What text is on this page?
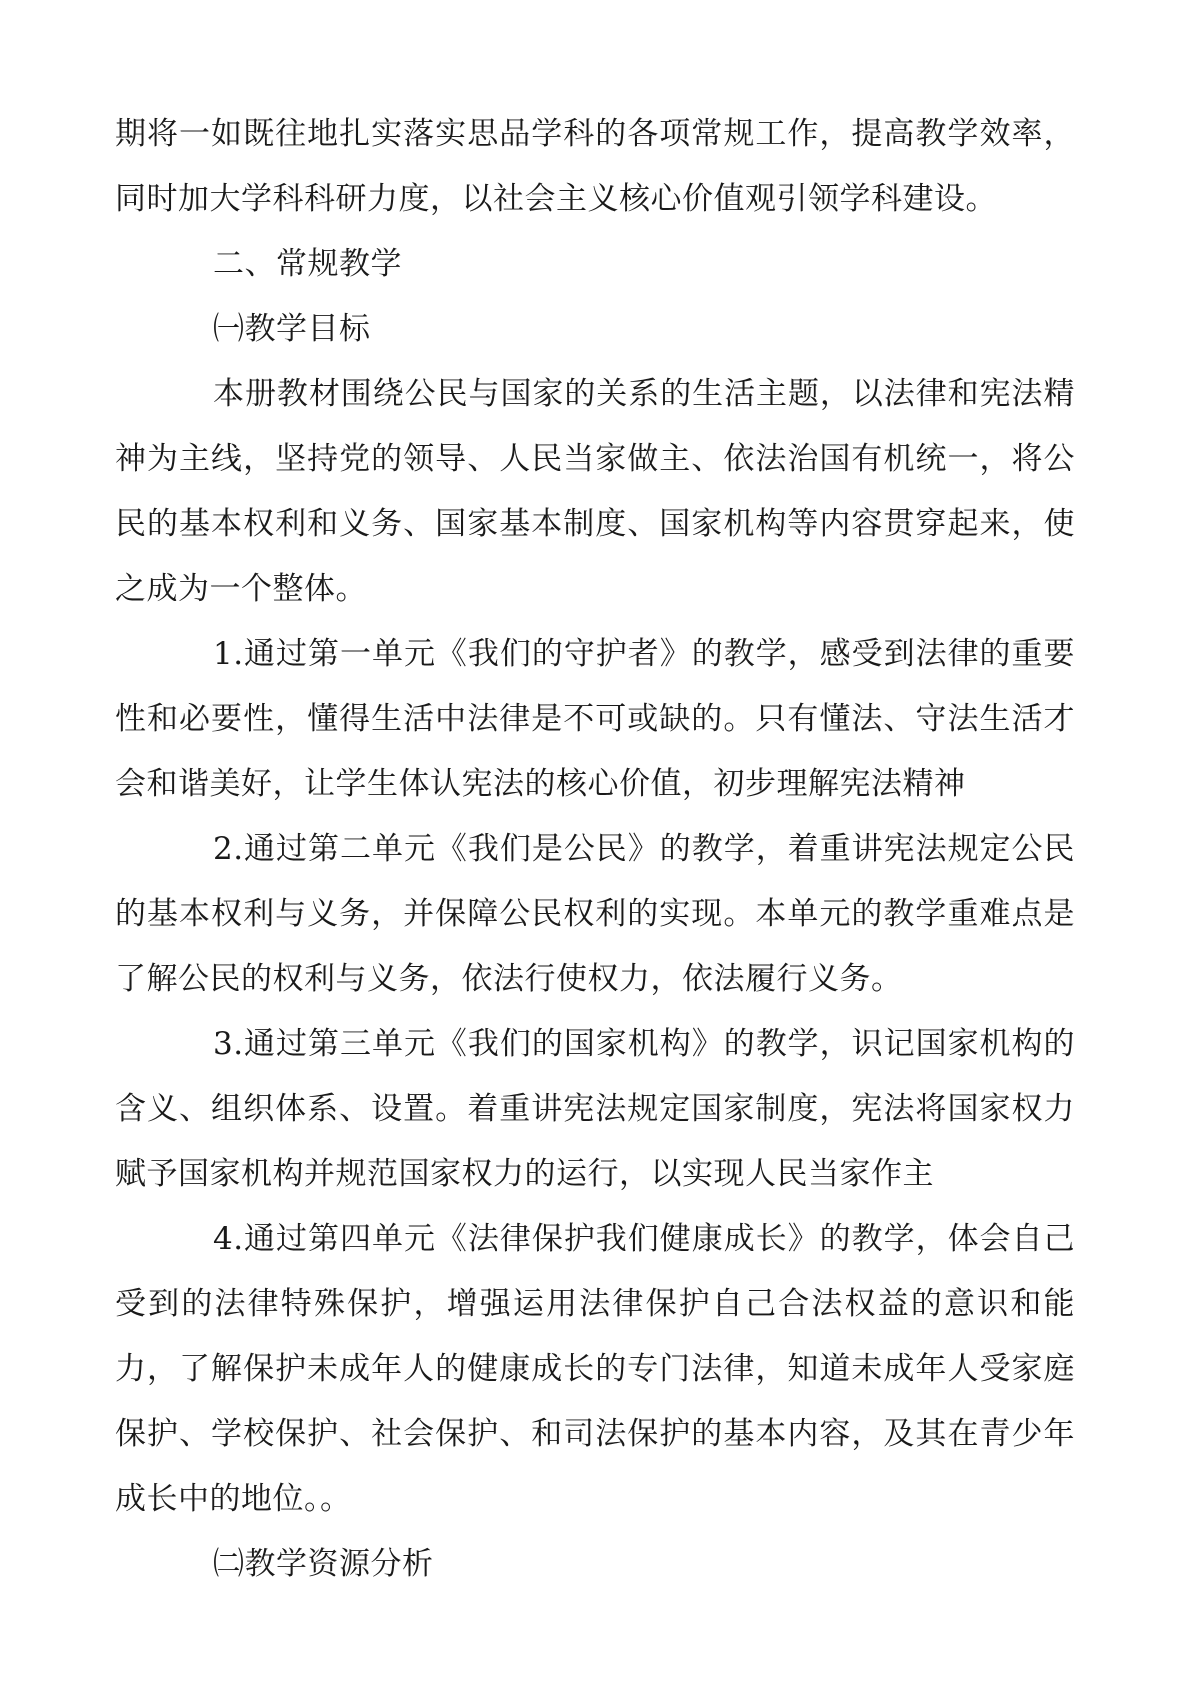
期将一如既往地扎实落实思品学科的各项常规工作，提高教学效率，同时加大学科科研力度，以社会主义核心价值观引领学科建设。

二、常规教学

㈠教学目标

本册教材围绕公民与国家的关系的生活主题，以法律和宪法精神为主线，坚持党的领导、人民当家做主、依法治国有机统一，将公民的基本权利和义务、国家基本制度、国家机构等内容贯穿起来，使之成为一个整体。

1.通过第一单元《我们的守护者》的教学，感受到法律的重要性和必要性，懂得生活中法律是不可或缺的。只有懂法、守法生活才会和谐美好，让学生体认宪法的核心价值，初步理解宪法精神

2.通过第二单元《我们是公民》的教学，着重讲宪法规定公民的基本权利与义务，并保障公民权利的实现。本单元的教学重难点是了解公民的权利与义务，依法行使权力，依法履行义务。

3.通过第三单元《我们的国家机构》的教学，识记国家机构的含义、组织体系、设置。着重讲宪法规定国家制度，宪法将国家权力赋予国家机构并规范国家权力的运行，以实现人民当家作主

4.通过第四单元《法律保护我们健康成长》的教学，体会自己受到的法律特殊保护，增强运用法律保护自己合法权益的意识和能力，了解保护未成年人的健康成长的专门法律，知道未成年人受家庭保护、学校保护、社会保护、和司法保护的基本内容，及其在青少年成长中的地位。。

㈡教学资源分析
